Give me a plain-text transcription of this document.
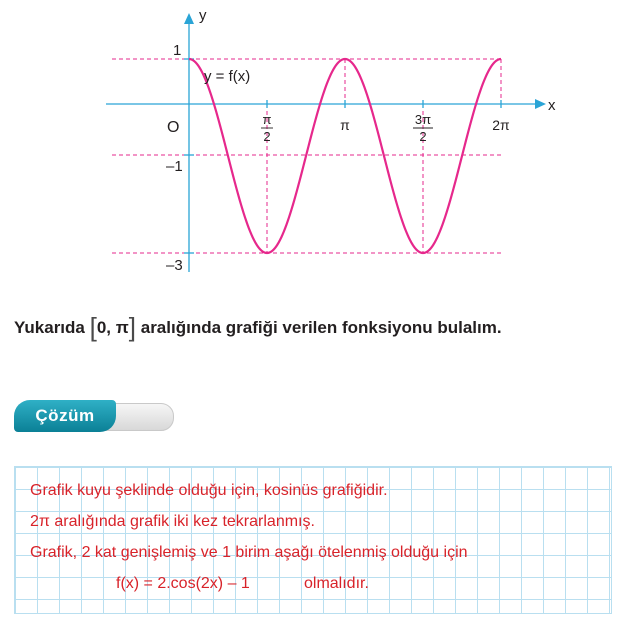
y
x
O
1
–1
–3
y = f(x)
π
2
π	3π
2
2π
Yukarıda [0, π] aralığında grafiği verilen fonksiyonu bulalım.
Çözüm
Grafik kuyu şeklinde olduğu için, kosinüs grafiğidir.
2π aralığında grafik iki kez tekrarlanmış.
Grafik, 2 kat genişlemiş ve 1 birim aşağı ötelenmiş olduğu için
f(x) = 2.cos(2x) – 1	olmalıdır.
